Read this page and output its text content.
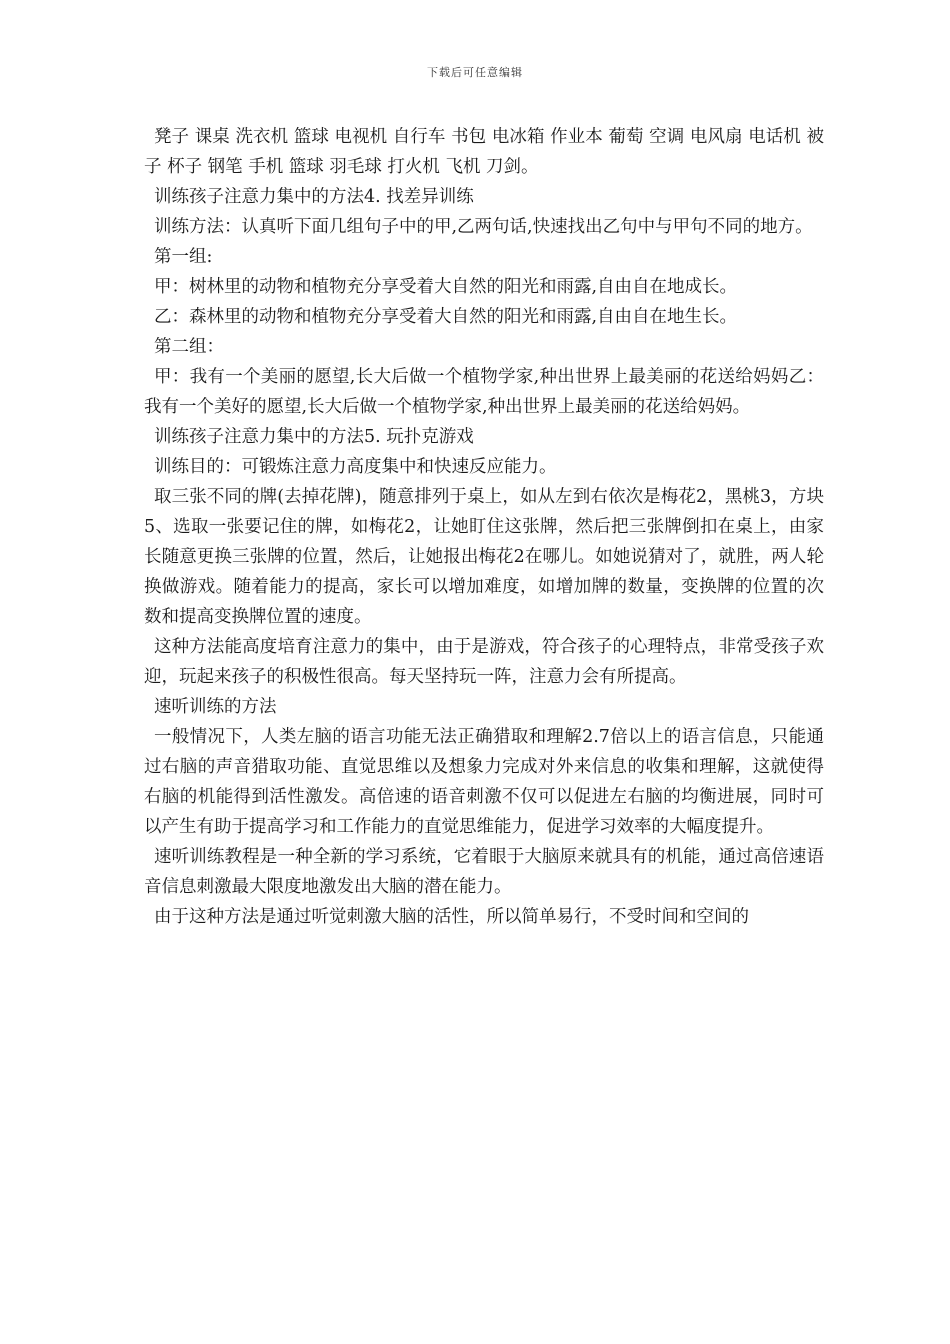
下载后可任意编辑

凳子 课桌 洗衣机 篮球 电视机 自行车 书包 电冰箱 作业本 葡萄 空调 电风扇 电话机 被子 杯子 钢笔 手机 篮球 羽毛球 打火机 飞机 刀剑。

训练孩子注意力集中的方法4. 找差异训练

训练方法：认真听下面几组句子中的甲,乙两句话,快速找出乙句中与甲句不同的地方。

第一组:

甲：树林里的动物和植物充分享受着大自然的阳光和雨露,自由自在地成长。

乙：森林里的动物和植物充分享受着大自然的阳光和雨露,自由自在地生长。

第二组：

甲：我有一个美丽的愿望,长大后做一个植物学家,种出世界上最美丽的花送给妈妈乙：我有一个美好的愿望,长大后做一个植物学家,种出世界上最美丽的花送给妈妈。

训练孩子注意力集中的方法5. 玩扑克游戏

训练目的：可锻炼注意力高度集中和快速反应能力。

取三张不同的牌(去掉花牌)，随意排列于桌上，如从左到右依次是梅花2，黑桃3，方块5、选取一张要记住的牌，如梅花2，让她盯住这张牌，然后把三张牌倒扣在桌上，由家长随意更换三张牌的位置，然后，让她报出梅花2在哪儿。如她说猜对了，就胜，两人轮换做游戏。随着能力的提高，家长可以增加难度，如增加牌的数量，变换牌的位置的次数和提高变换牌位置的速度。

这种方法能高度培育注意力的集中，由于是游戏，符合孩子的心理特点，非常受孩子欢迎，玩起来孩子的积极性很高。每天坚持玩一阵，注意力会有所提高。

速听训练的方法

一般情况下，人类左脑的语言功能无法正确猎取和理解2.7倍以上的语言信息，只能通过右脑的声音猎取功能、直觉思维以及想象力完成对外来信息的收集和理解，这就使得右脑的机能得到活性激发。高倍速的语音刺激不仅可以促进左右脑的均衡进展，同时可以产生有助于提高学习和工作能力的直觉思维能力，促进学习效率的大幅度提升。

速听训练教程是一种全新的学习系统，它着眼于大脑原来就具有的机能，通过高倍速语音信息刺激最大限度地激发出大脑的潜在能力。

由于这种方法是通过听觉刺激大脑的活性，所以简单易行，不受时间和空间的
